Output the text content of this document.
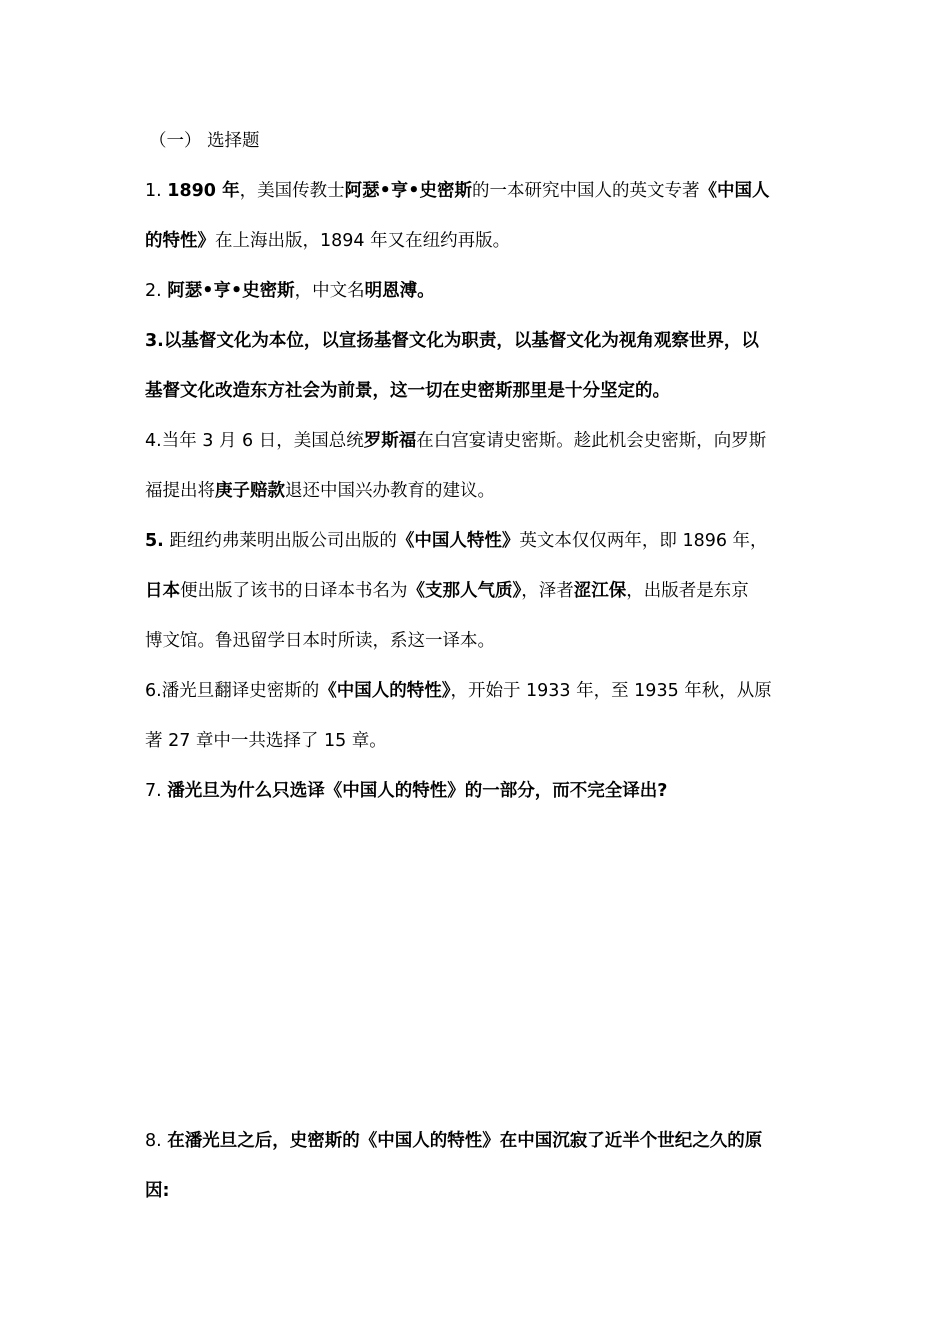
（一） 选择题
1. 1890 年，美国传教士阿瑟•亨•史密斯的一本研究中国人的英文专著《中国人
的特性》在上海出版，1894 年又在纽约再版。
2. 阿瑟•亨•史密斯，中文名明恩溥。
3.以基督文化为本位，以宣扬基督文化为职责，以基督文化为视角观察世界，以
基督文化改造东方社会为前景，这一切在史密斯那里是十分坚定的。
4.当年 3 月 6 日，美国总统罗斯福在白宫宴请史密斯。趁此机会史密斯，向罗斯
福提出将庚子赔款退还中国兴办教育的建议。
5. 距纽约弗莱明出版公司出版的《中国人特性》英文本仅仅两年，即 1896 年，
日本便出版了该书的日译本书名为《支那人气质》，泽者涩江保，出版者是东京
博文馆。鲁迅留学日本时所读，系这一译本。
6.潘光旦翻译史密斯的《中国人的特性》，开始于 1933 年，至 1935 年秋，从原
著 27 章中一共选择了 15 章。
7. 潘光旦为什么只选译《中国人的特性》的一部分，而不完全译出?
8. 在潘光旦之后，史密斯的《中国人的特性》在中国沉寂了近半个世纪之久的原
因:
